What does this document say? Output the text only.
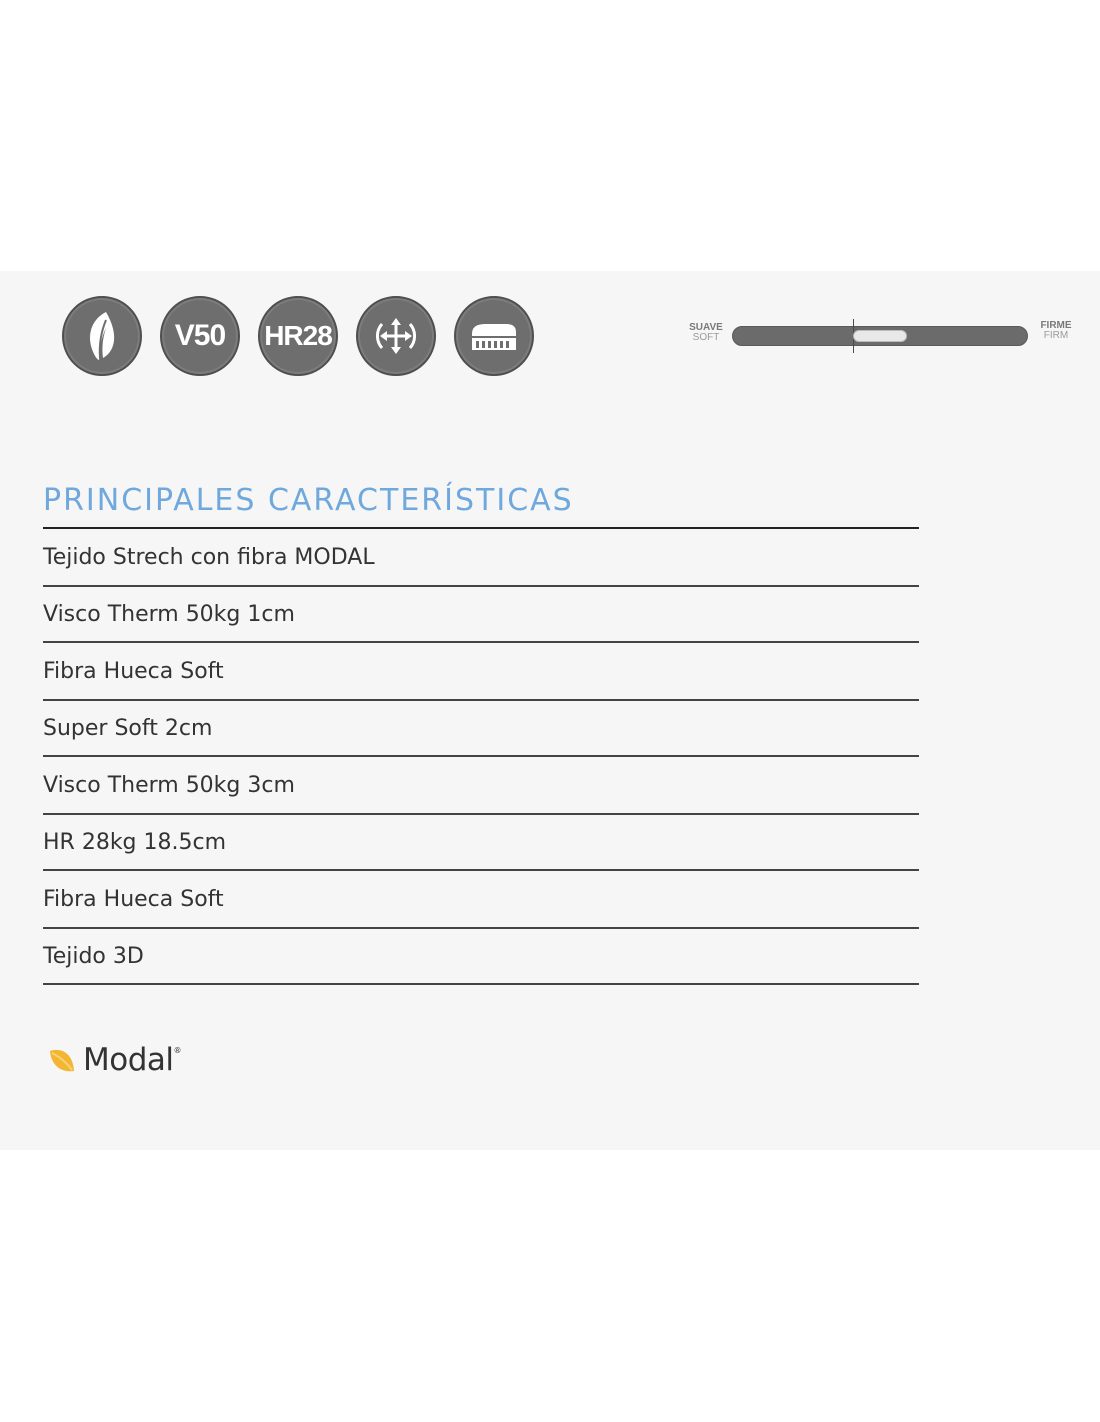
V50 HR28	SUAVE
SOFT
FIRME
FIRM
PRINCIPALES CARACTERÍSTICAS
Tejido Strech con fibra MODAL
Visco Therm 50kg 1cm
Fibra Hueca Soft
Super Soft 2cm
Visco Therm 50kg 3cm
HR 28kg 18.5cm
Fibra Hueca Soft
Tejido 3D
Modal®
